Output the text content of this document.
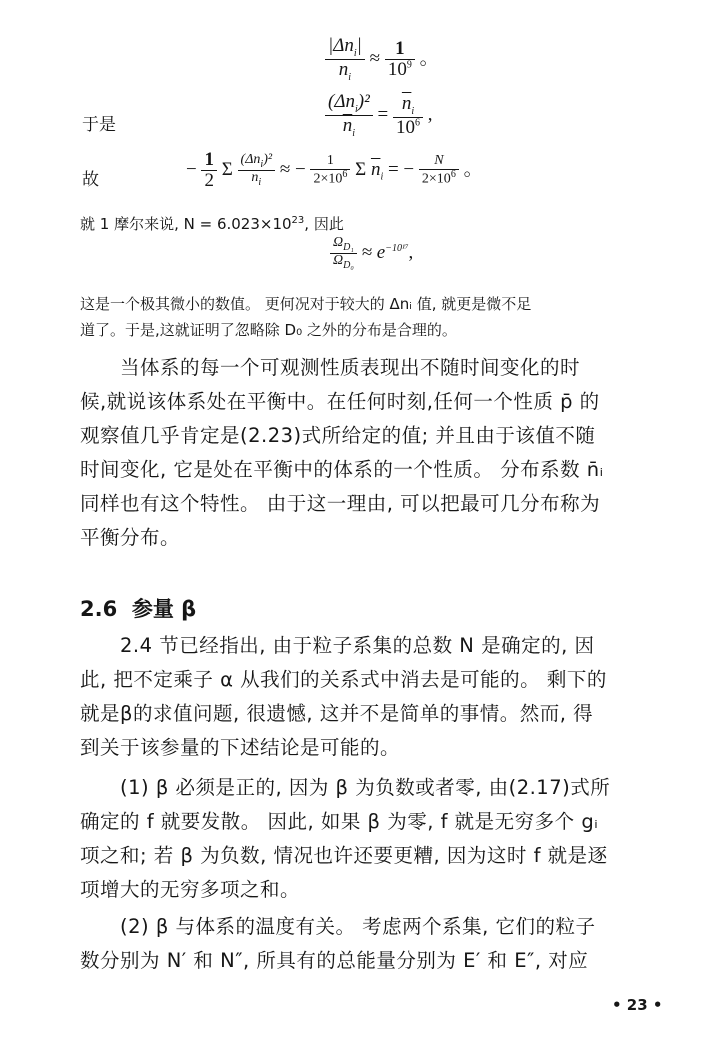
$\frac{|\Delta n_i|}{n_i} \approx \frac{1}{10^9}$ 。
于是	$\frac{(\Delta n_i)^2}{\overline{n}_i} = \frac{\overline{n}_i}{10^6}$ ,
故
− $\frac{1}{2}$ Σ $\frac{(\Delta n_i)^2}{n_i}$ ≈ − $\frac{1}{2\times 10^6}$ Σ $\overline{n}_i$ = − $\frac{N}{2\times 10^6}$ 。
就 1 摩尔来说, $N = 6.023\times 10^{23}$, 因此
$\frac{\Omega_{D_1}}{\Omega_{D_0}} \approx e^{-10^{17}}$,
这是一个极其微小的数值。 更何况对于较大的 Δnᵢ 值, 就更是微不足
道了。于是,这就证明了忽略除 D₀ 之外的分布是合理的。
当体系的每一个可观测性质表现出不随时间变化的时
候,就说该体系处在平衡中。在任何时刻,任何一个性质 p̄ 的
观察值几乎肯定是(2.23)式所给定的值; 并且由于该值不随
时间变化, 它是处在平衡中的体系的一个性质。 分布系数 n̄ᵢ
同样也有这个特性。 由于这一理由, 可以把最可几分布称为
平衡分布。
2.6 参量 β
2.4 节已经指出, 由于粒子系集的总数 N 是确定的, 因
此, 把不定乘子 α 从我们的关系式中消去是可能的。 剩下的
就是β的求值问题, 很遗憾, 这并不是简单的事情。然而, 得
到关于该参量的下述结论是可能的。
(1) β 必须是正的, 因为 β 为负数或者零, 由(2.17)式所
确定的 f 就要发散。 因此, 如果 β 为零, f 就是无穷多个 gᵢ
项之和; 若 β 为负数, 情况也许还要更糟, 因为这时 f 就是逐
项增大的无穷多项之和。
(2) β 与体系的温度有关。 考虑两个系集, 它们的粒子
数分别为 N′ 和 N″, 所具有的总能量分别为 E′ 和 E″, 对应
• 23 •
